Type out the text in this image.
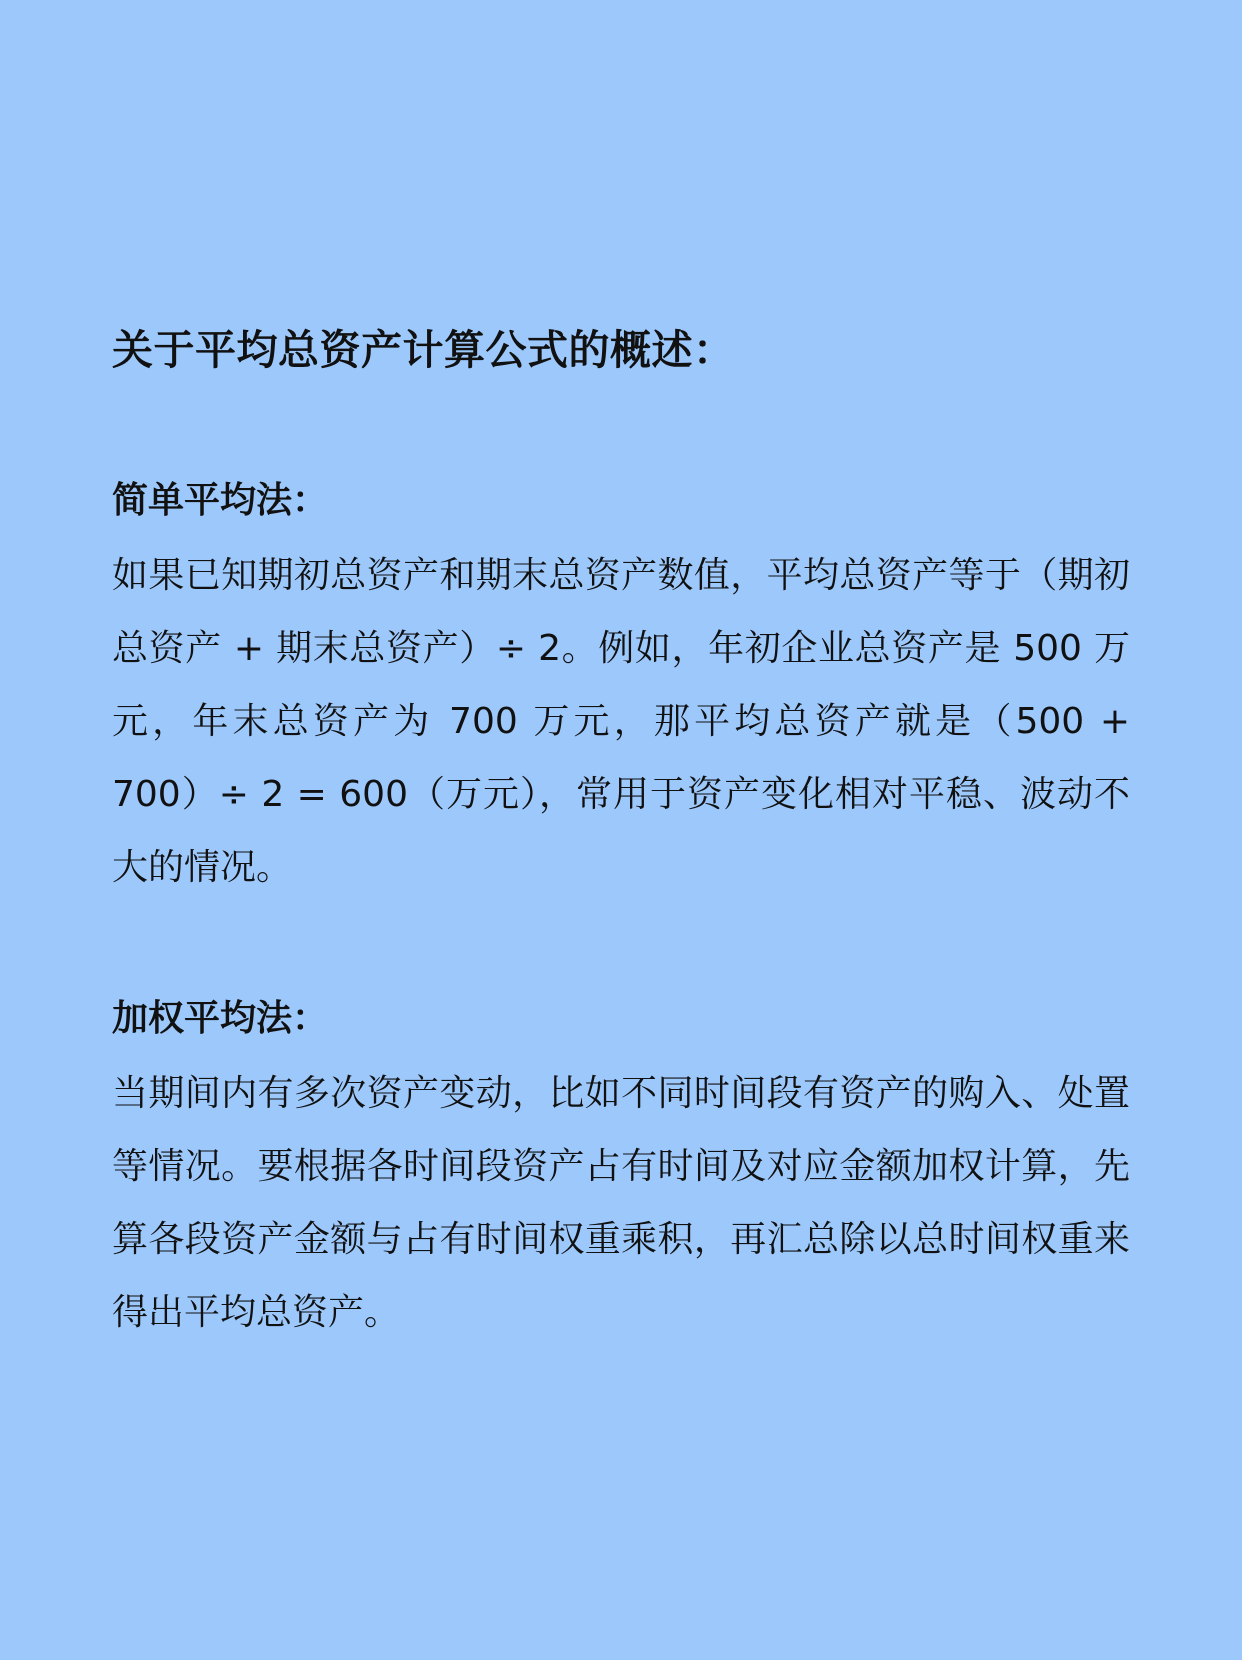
关于平均总资产计算公式的概述：
简单平均法：

如果已知期初总资产和期末总资产数值，平均总资产等于（期初总资产 + 期末总资产）÷ 2。例如，年初企业总资产是 500 万元，年末总资产为 700 万元，那平均总资产就是（500 + 700）÷ 2 = 600（万元），常用于资产变化相对平稳、波动不大的情况。

加权平均法：

当期间内有多次资产变动，比如不同时间段有资产的购入、处置等情况。要根据各时间段资产占有时间及对应金额加权计算，先算各段资产金额与占有时间权重乘积，再汇总除以总时间权重来得出平均总资产。
